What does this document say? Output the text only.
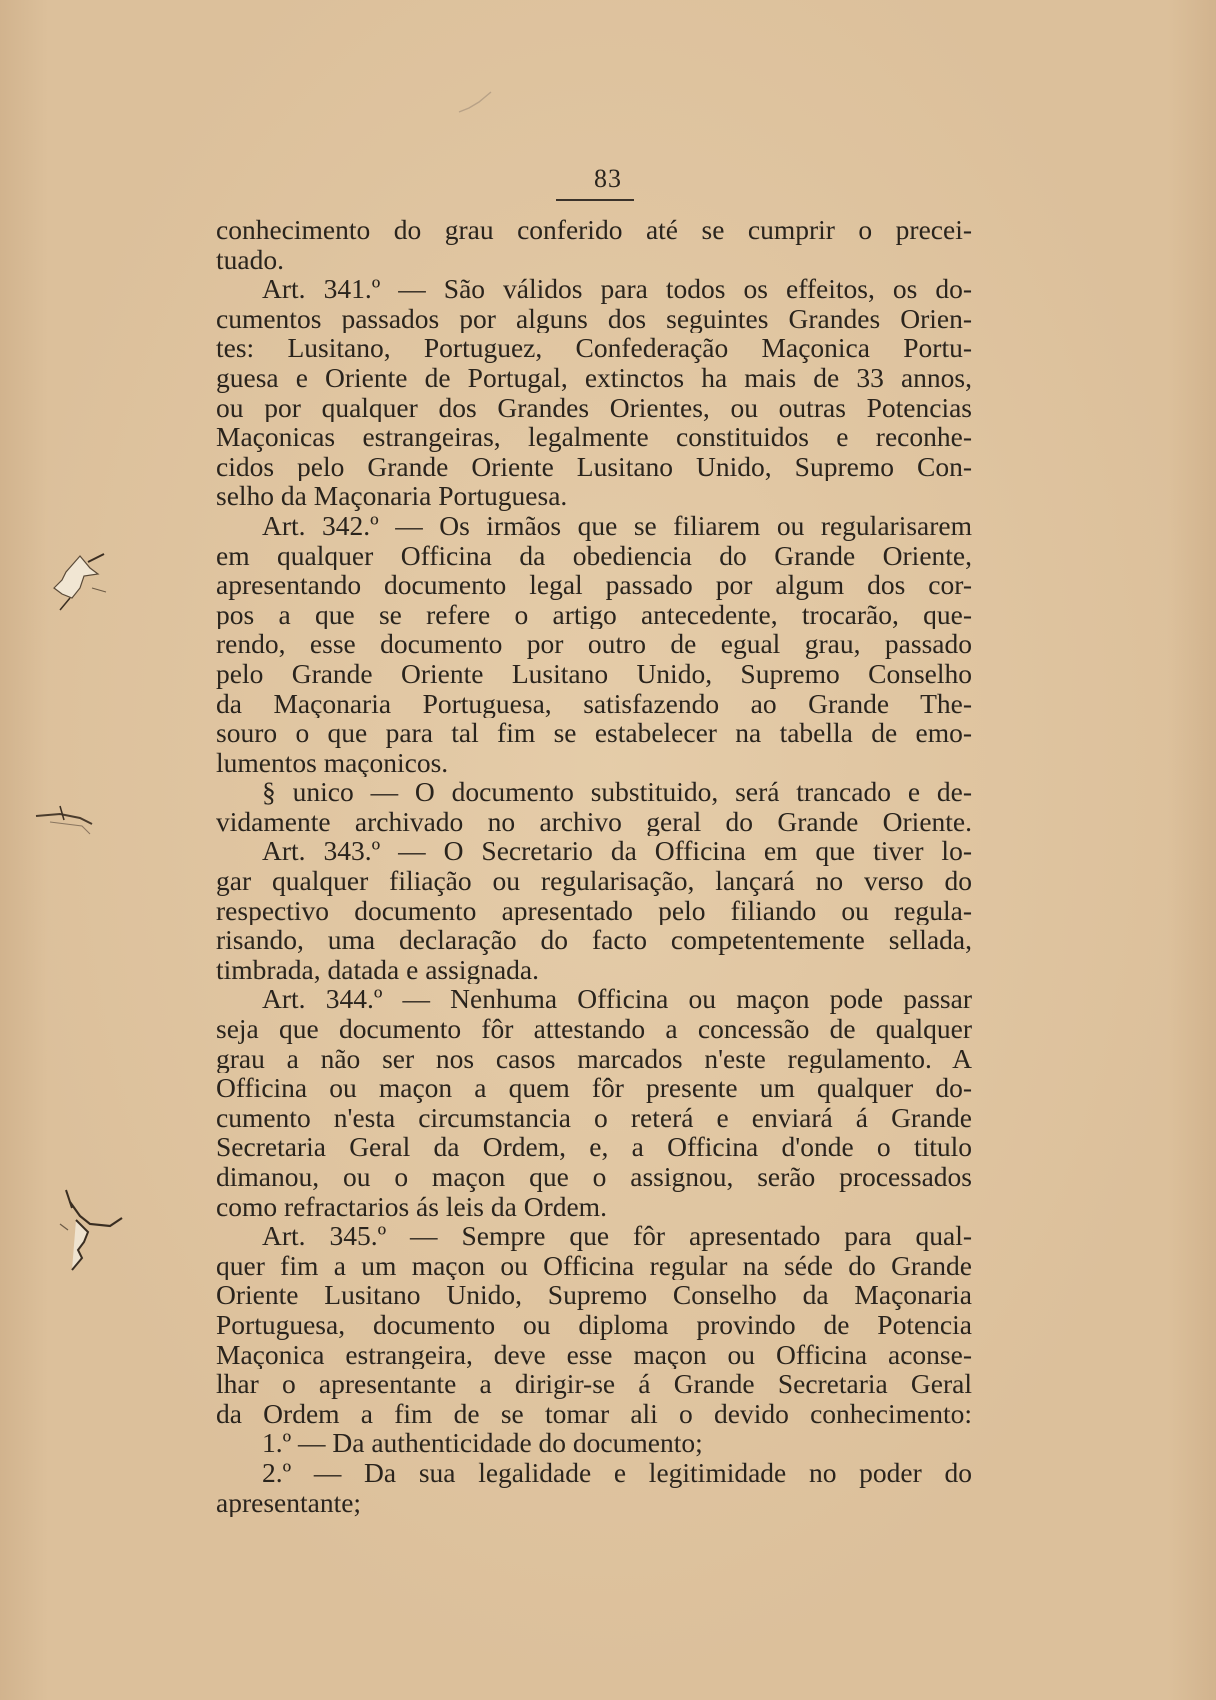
83
conhecimento do grau conferido até se cumprir o precei-
tuado.
Art. 341.º — São válidos para todos os effeitos, os do-
cumentos passados por alguns dos seguintes Grandes Orien-
tes: Lusitano, Portuguez, Confederação Maçonica Portu-
guesa e Oriente de Portugal, extinctos ha mais de 33 annos,
ou por qualquer dos Grandes Orientes, ou outras Potencias
Maçonicas estrangeiras, legalmente constituidos e reconhe-
cidos pelo Grande Oriente Lusitano Unido, Supremo Con-
selho da Maçonaria Portuguesa.
Art. 342.º — Os irmãos que se filiarem ou regularisarem
em qualquer Officina da obediencia do Grande Oriente,
apresentando documento legal passado por algum dos cor-
pos a que se refere o artigo antecedente, trocarão, que-
rendo, esse documento por outro de egual grau, passado
pelo Grande Oriente Lusitano Unido, Supremo Conselho
da Maçonaria Portuguesa, satisfazendo ao Grande The-
souro o que para tal fim se estabelecer na tabella de emo-
lumentos maçonicos.
§ unico — O documento substituido, será trancado e de-
vidamente archivado no archivo geral do Grande Oriente.
Art. 343.º — O Secretario da Officina em que tiver lo-
gar qualquer filiação ou regularisação, lançará no verso do
respectivo documento apresentado pelo filiando ou regula-
risando, uma declaração do facto competentemente sellada,
timbrada, datada e assignada.
Art. 344.º — Nenhuma Officina ou maçon pode passar
seja que documento fôr attestando a concessão de qualquer
grau a não ser nos casos marcados n'este regulamento. A
Officina ou maçon a quem fôr presente um qualquer do-
cumento n'esta circumstancia o reterá e enviará á Grande
Secretaria Geral da Ordem, e, a Officina d'onde o titulo
dimanou, ou o maçon que o assignou, serão processados
como refractarios ás leis da Ordem.
Art. 345.º — Sempre que fôr apresentado para qual-
quer fim a um maçon ou Officina regular na séde do Grande
Oriente Lusitano Unido, Supremo Conselho da Maçonaria
Portuguesa, documento ou diploma provindo de Potencia
Maçonica estrangeira, deve esse maçon ou Officina aconse-
lhar o apresentante a dirigir-se á Grande Secretaria Geral
da Ordem a fim de se tomar ali o devido conhecimento:
1.º — Da authenticidade do documento;
2.º — Da sua legalidade e legitimidade no poder do
apresentante;
